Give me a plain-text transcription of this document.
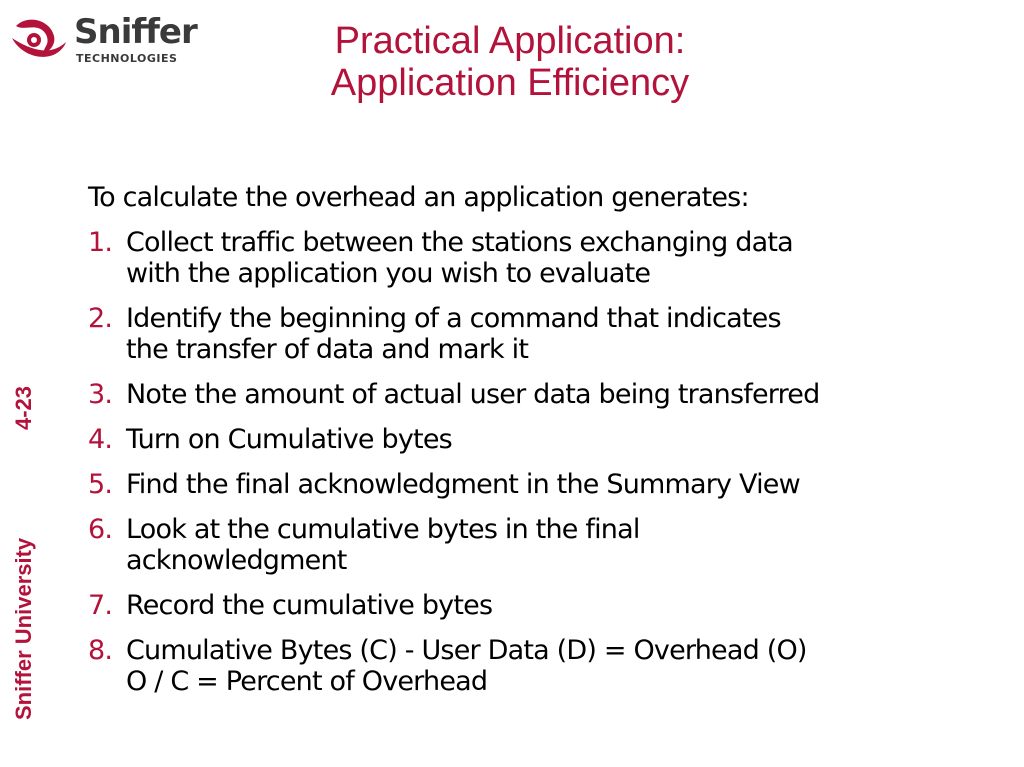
Sniffer
TECHNOLOGIES	Practical Application:
Application Efficiency
Sniffer University
4-23
To calculate the overhead an application generates:
1. Collect traffic between the stations exchanging data
with the application you wish to evaluate
2. Identify the beginning of a command that indicates
the transfer of data and mark it
3. Note the amount of actual user data being transferred
4. Turn on Cumulative bytes
5. Find the final acknowledgment in the Summary View
6. Look at the cumulative bytes in the final
acknowledgment
7. Record the cumulative bytes
8. Cumulative Bytes (C) - User Data (D) = Overhead (O)
O / C = Percent of Overhead
